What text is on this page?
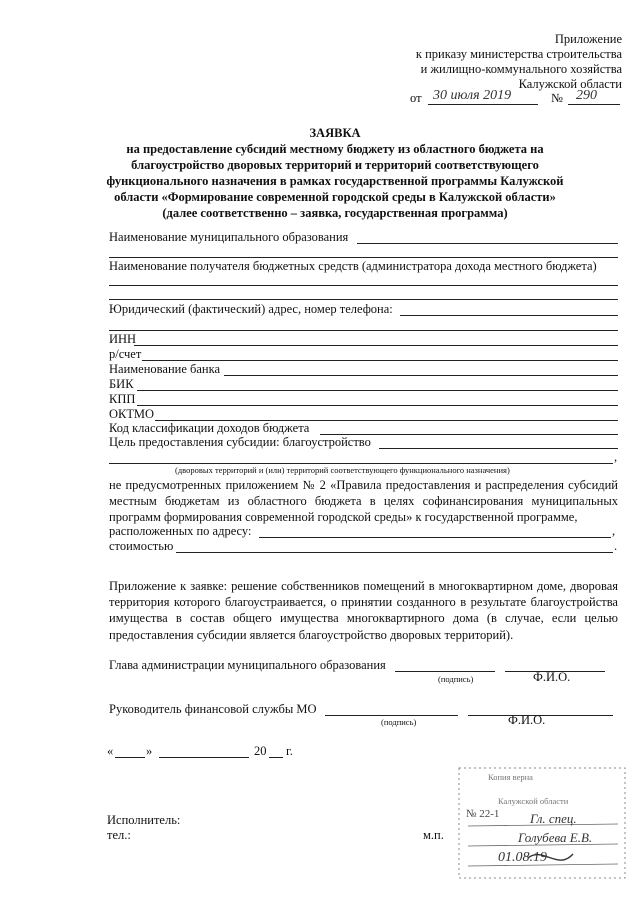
Приложение
к приказу министерства строительства
и жилищно-коммунального хозяйства
Калужской области
от 30 июля 2019	№ 290
ЗАЯВКА
на предоставление субсидий местному бюджету из областного бюджета на
благоустройство дворовых территорий и территорий соответствующего
функционального назначения в рамках государственной программы Калужской
области «Формирование современной городской среды в Калужской области»
(далее соответственно – заявка, государственная программа)
Наименование муниципального образования
Наименование получателя бюджетных средств (администратора дохода местного бюджета)
Юридический (фактический) адрес, номер телефона:
ИНН
р/счет
Наименование банка
БИК
КПП
ОКТМО
Код классификации доходов бюджета
Цель предоставления субсидии: благоустройство
,
(дворовых территорий и (или) территорий соответствующего функционального назначения)
не предусмотренных приложением № 2 «Правила предоставления и распределения субсидий местным бюджетам из областного бюджета в целях софинансирования муниципальных программ формирования современной городской среды» к государственной программе,
расположенных по адресу:	,
стоимостью	.
Приложение к заявке: решение собственников помещений в многоквартирном доме, дворовая территория которого благоустраивается, о принятии созданного в результате благоустройства имущества в состав общего имущества многоквартирного дома (в случае, если целью предоставления субсидии является благоустройство дворовых территорий).
Глава администрации муниципального образования
(подпись)	Ф.И.О.
Руководитель финансовой службы МО
(подпись)	Ф.И.О.
«	»	20 г.
Исполнитель:
тел.:	м.п.
Копия верна
Калужской области
№ 22-1 Гл. спец.
Голубева Е.В.
01.08.19
